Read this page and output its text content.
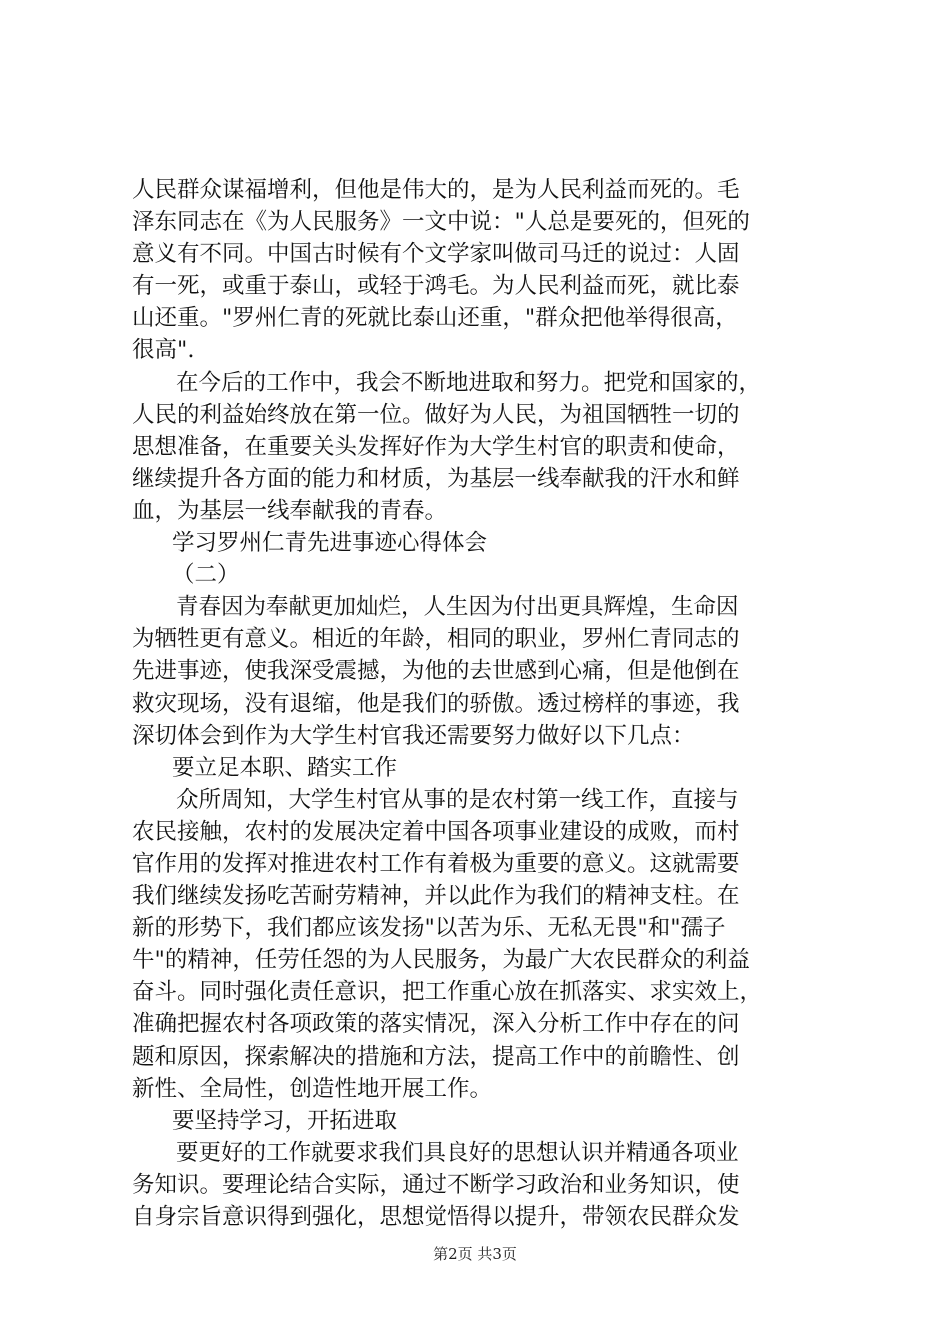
人民群众谋福增利，但他是伟大的，是为人民利益而死的。毛
泽东同志在《为人民服务》一文中说："人总是要死的，但死的
意义有不同。中国古时候有个文学家叫做司马迁的说过：人固
有一死，或重于泰山，或轻于鸿毛。为人民利益而死，就比泰
山还重。"罗州仁青的死就比泰山还重，"群众把他举得很高，
很高".
在今后的工作中，我会不断地进取和努力。把党和国家的，
人民的利益始终放在第一位。做好为人民，为祖国牺牲一切的
思想准备，在重要关头发挥好作为大学生村官的职责和使命，
继续提升各方面的能力和材质，为基层一线奉献我的汗水和鲜
血，为基层一线奉献我的青春。
学习罗州仁青先进事迹心得体会
（二）
青春因为奉献更加灿烂，人生因为付出更具辉煌，生命因
为牺牲更有意义。相近的年龄，相同的职业，罗州仁青同志的
先进事迹，使我深受震撼，为他的去世感到心痛，但是他倒在
救灾现场，没有退缩，他是我们的骄傲。透过榜样的事迹，我
深切体会到作为大学生村官我还需要努力做好以下几点：
要立足本职、踏实工作
众所周知，大学生村官从事的是农村第一线工作，直接与
农民接触，农村的发展决定着中国各项事业建设的成败，而村
官作用的发挥对推进农村工作有着极为重要的意义。这就需要
我们继续发扬吃苦耐劳精神，并以此作为我们的精神支柱。在
新的形势下，我们都应该发扬"以苦为乐、无私无畏"和"孺子
牛"的精神，任劳任怨的为人民服务，为最广大农民群众的利益
奋斗。同时强化责任意识，把工作重心放在抓落实、求实效上，
准确把握农村各项政策的落实情况，深入分析工作中存在的问
题和原因，探索解决的措施和方法，提高工作中的前瞻性、创
新性、全局性，创造性地开展工作。
要坚持学习，开拓进取
要更好的工作就要求我们具良好的思想认识并精通各项业
务知识。要理论结合实际，通过不断学习政治和业务知识，使
自身宗旨意识得到强化，思想觉悟得以提升，带领农民群众发
第2页 共3页
